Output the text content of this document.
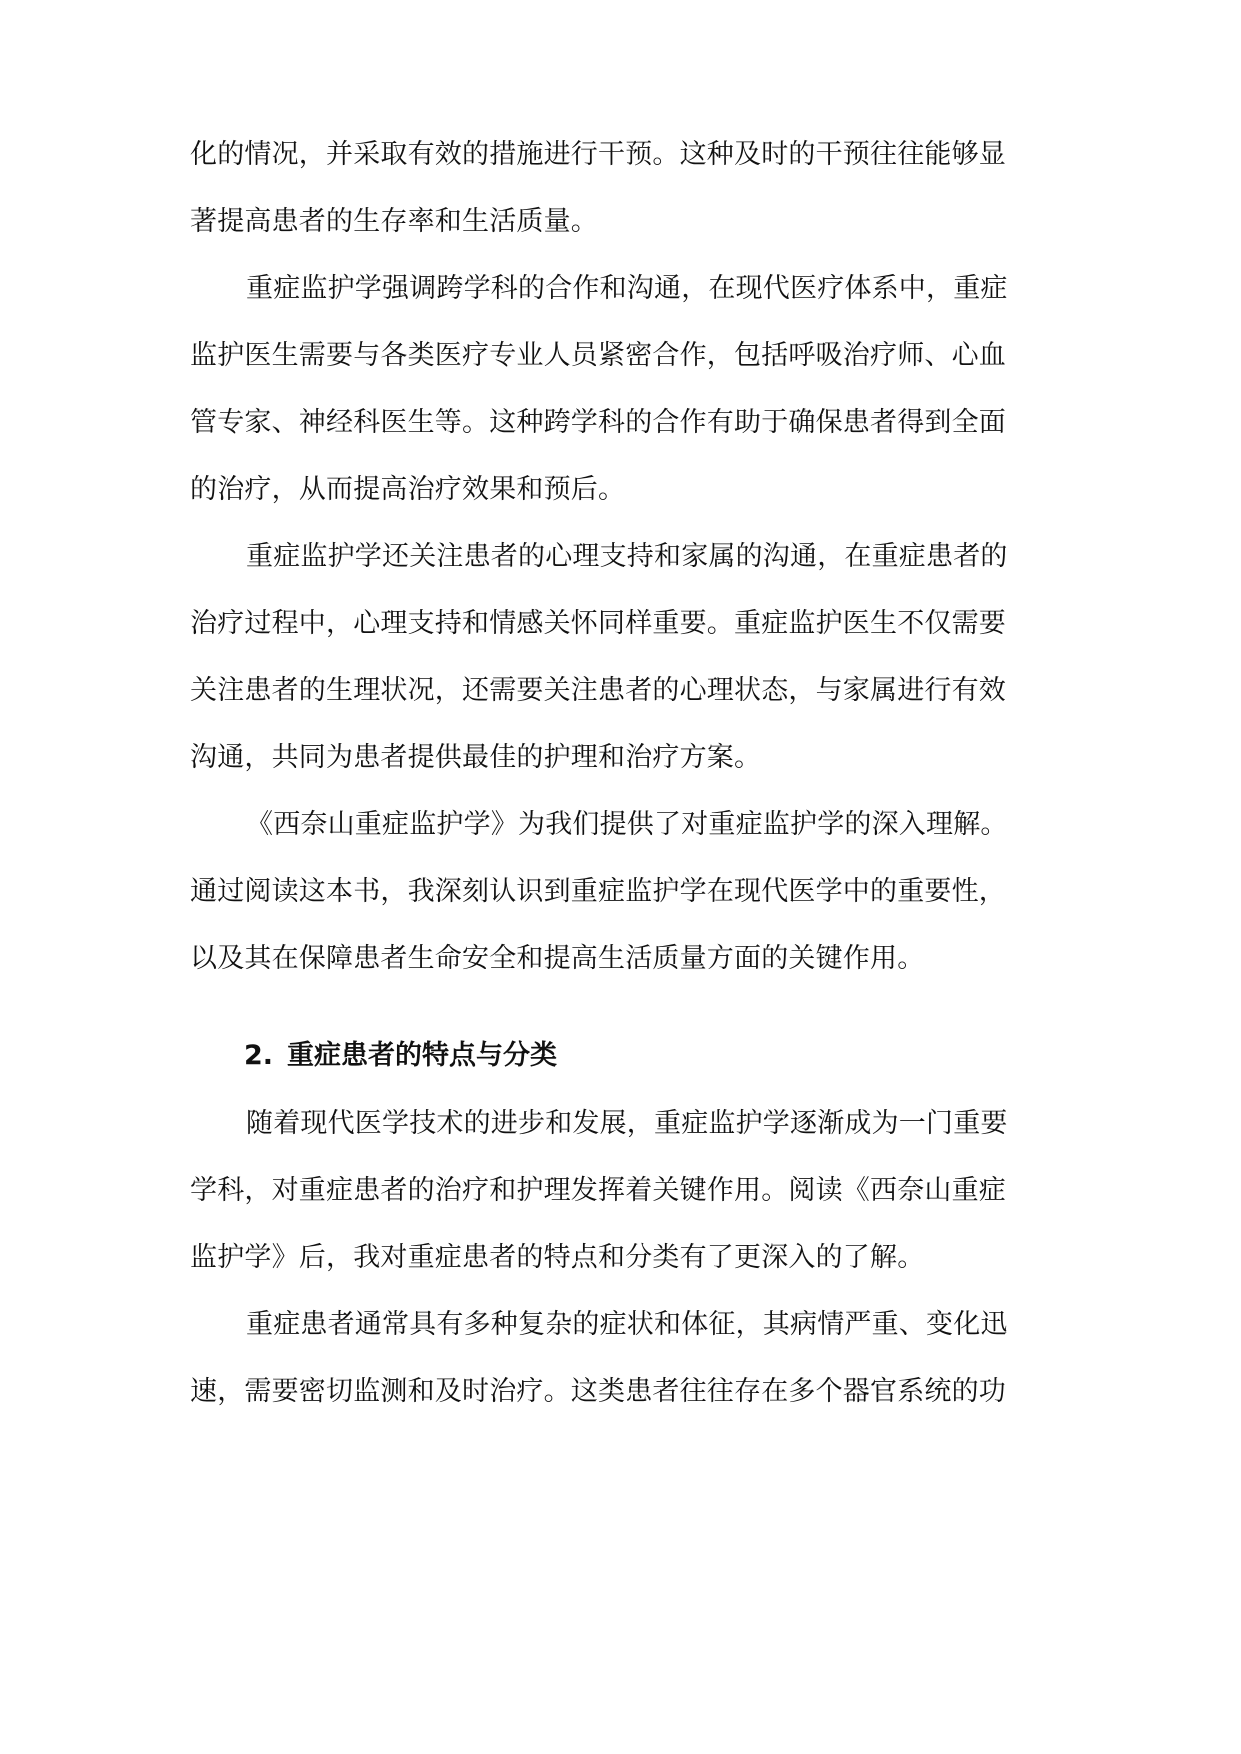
化的情况，并采取有效的措施进行干预。这种及时的干预往往能够显
著提高患者的生存率和生活质量。
重症监护学强调跨学科的合作和沟通，在现代医疗体系中，重症
监护医生需要与各类医疗专业人员紧密合作，包括呼吸治疗师、心血
管专家、神经科医生等。这种跨学科的合作有助于确保患者得到全面
的治疗，从而提高治疗效果和预后。
重症监护学还关注患者的心理支持和家属的沟通，在重症患者的
治疗过程中，心理支持和情感关怀同样重要。重症监护医生不仅需要
关注患者的生理状况，还需要关注患者的心理状态，与家属进行有效
沟通，共同为患者提供最佳的护理和治疗方案。
《西奈山重症监护学》为我们提供了对重症监护学的深入理解。
通过阅读这本书，我深刻认识到重症监护学在现代医学中的重要性，
以及其在保障患者生命安全和提高生活质量方面的关键作用。
2. 重症患者的特点与分类
随着现代医学技术的进步和发展，重症监护学逐渐成为一门重要
学科，对重症患者的治疗和护理发挥着关键作用。阅读《西奈山重症
监护学》后，我对重症患者的特点和分类有了更深入的了解。
重症患者通常具有多种复杂的症状和体征，其病情严重、变化迅
速，需要密切监测和及时治疗。这类患者往往存在多个器官系统的功
